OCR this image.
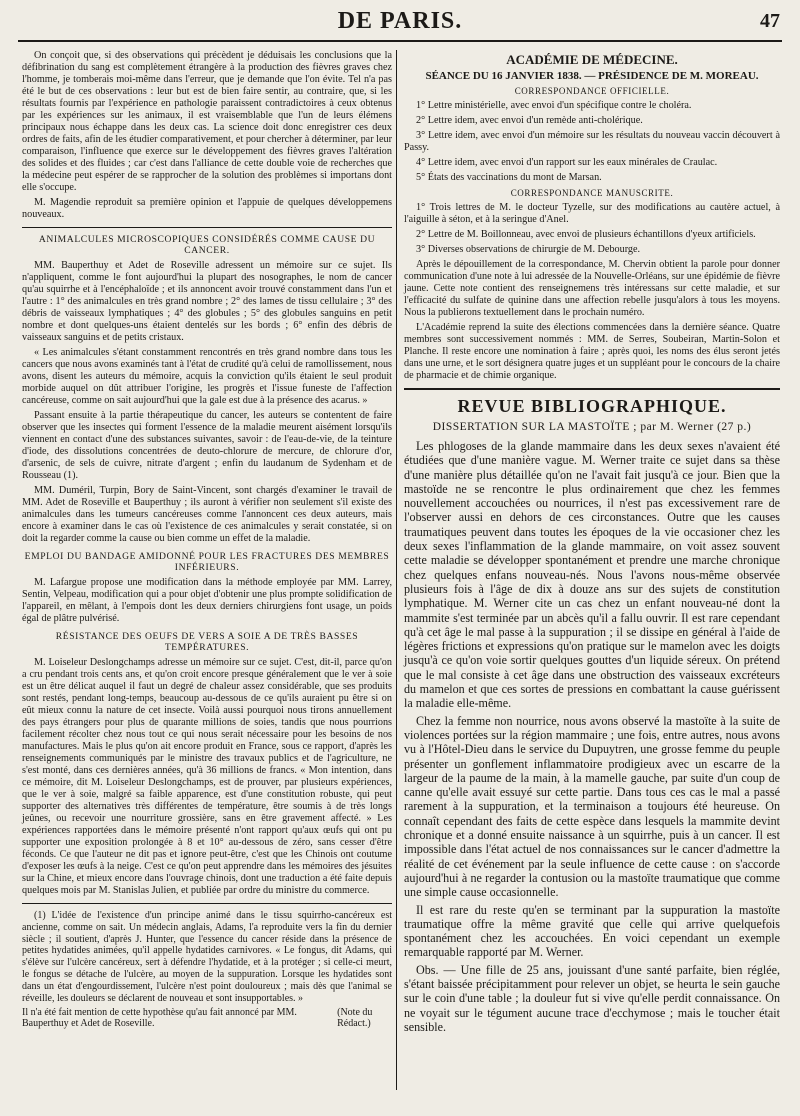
DE PARIS.	47

On conçoit que, si des observations qui précèdent je déduisais les conclusions que la défibrination du sang est complètement étrangère à la production des fièvres graves chez l'homme, je tomberais moi-même dans l'erreur, que je demande que l'on évite. Tel n'a pas été le but de ces observations : leur but est de bien faire sentir, au contraire, que, si les résultats fournis par l'expérience en pathologie paraissent contradictoires à ceux obtenus par les expériences sur les animaux, il est vraisemblable que l'un de leurs élémens principaux nous échappe dans les deux cas. La science doit donc enregistrer ces deux ordres de faits, afin de les étudier comparativement, et pour chercher à déterminer, par leur comparaison, l'influence que exerce sur le développement des fièvres graves l'altération des solides et des fluides ; car c'est dans l'alliance de cette double voie de recherches que la médecine peut espérer de se rapprocher de la solution des problèmes si importans dont elle s'occupe.

M. Magendie reproduit sa première opinion et l'appuie de quelques développemens nouveaux.

ANIMALCULES MICROSCOPIQUES CONSIDÉRÉS COMME CAUSE DU CANCER.

MM. Bauperthuy et Adet de Roseville adressent un mémoire sur ce sujet. Ils n'appliquent, comme le font aujourd'hui la plupart des nosographes, le nom de cancer qu'au squirrhe et à l'encéphaloïde ; et ils annoncent avoir trouvé constamment dans l'un et l'autre : 1° des animalcules en très grand nombre ; 2° des lames de tissu cellulaire ; 3° des débris de vaisseaux lymphatiques ; 4° des globules ; 5° des globules sanguins en petit nombre et dont quelques-uns étaient dentelés sur les bords ; 6° enfin des débris de vaisseaux sanguins et de petits cristaux.

« Les animalcules s'étant constamment rencontrés en très grand nombre dans tous les cancers que nous avons examinés tant à l'état de crudité qu'à celui de ramollissement, nous avons, disent les auteurs du mémoire, acquis la conviction qu'ils étaient le seul produit morbide auquel on dût attribuer l'origine, les progrès et l'issue funeste de l'affection cancéreuse, comme on sait aujourd'hui que la gale est due à la présence des acarus. »

Passant ensuite à la partie thérapeutique du cancer, les auteurs se contentent de faire observer que les insectes qui forment l'essence de la maladie meurent aisément lorsqu'ils viennent en contact d'une des substances suivantes, savoir : de l'eau-de-vie, de la teinture d'iode, des dissolutions concentrées de deuto-chlorure de mercure, de chlorure d'or, d'arsenic, de sels de cuivre, nitrate d'argent ; enfin du laudanum de Sydenham et de Rousseau (1).

MM. Duméril, Turpin, Bory de Saint-Vincent, sont chargés d'examiner le travail de MM. Adet de Roseville et Bauperthuy ; ils auront à vérifier non seulement s'il existe des animalcules dans les tumeurs cancéreuses comme l'annoncent ces deux auteurs, mais encore à examiner dans le cas où l'existence de ces animalcules y serait constatée, si on doit la regarder comme la cause ou bien comme un effet de la maladie.

EMPLOI DU BANDAGE AMIDONNÉ POUR LES FRACTURES DES MEMBRES INFÉRIEURS.

M. Lafargue propose une modification dans la méthode employée par MM. Larrey, Sentin, Velpeau, modification qui a pour objet d'obtenir une plus prompte solidification de l'appareil, en mêlant, à l'empois dont les deux derniers chirurgiens font usage, un poids égal de plâtre pulvérisé.

RÉSISTANCE DES OEUFS DE VERS A SOIE A DE TRÈS BASSES TEMPÉRATURES.

M. Loiseleur Deslongchamps adresse un mémoire sur ce sujet. C'est, dit-il, parce qu'on a cru pendant trois cents ans, et qu'on croit encore presque généralement que le ver à soie est un être délicat auquel il faut un degré de chaleur assez considérable, que ses produits sont restés, pendant long-temps, beaucoup au-dessous de ce qu'ils auraient pu être si on eût mieux connu la nature de cet insecte. Voilà aussi pourquoi nous tirons annuellement des pays étrangers pour plus de quarante millions de soies, tandis que nous pourrions facilement récolter chez nous tout ce qui nous serait nécessaire pour les besoins de nos manufactures. Mais le plus qu'on ait encore produit en France, sous ce rapport, d'après les renseignements communiqués par le ministre des travaux publics et de l'agriculture, ne s'est monté, dans ces dernières années, qu'à 36 millions de francs. « Mon intention, dans ce mémoire, dit M. Loiseleur Deslongchamps, est de prouver, par plusieurs expériences, que le ver à soie, malgré sa faible apparence, est d'une constitution robuste, qui peut supporter des alternatives très différentes de température, être soumis à de très longs jeûnes, ou recevoir une nourriture grossière, sans en être gravement affecté. » Les expériences rapportées dans le mémoire présenté n'ont rapport qu'aux œufs qui ont pu supporter une exposition prolongée à 8 et 10° au-dessous de zéro, sans cesser d'être féconds. Ce que l'auteur ne dit pas et ignore peut-être, c'est que les Chinois ont coutume d'exposer les œufs à la neige. C'est ce qu'on peut apprendre dans les mémoires des jésuites sur la Chine, et mieux encore dans l'ouvrage chinois, dont une traduction a été faite depuis quelques mois par M. Stanislas Julien, et publiée par ordre du ministre du commerce.

(1) L'idée de l'existence d'un principe animé dans le tissu squirrho-cancéreux est ancienne, comme on sait. Un médecin anglais, Adams, l'a reproduite vers la fin du dernier siècle ; il soutient, d'après J. Hunter, que l'essence du cancer réside dans la présence de petites hydatides animées, qu'il appelle hydatides carnivores. « Le fongus, dit Adams, qui s'élève sur l'ulcère cancéreux, sert à défendre l'hydatide, et à la protéger ; si celle-ci meurt, le fongus se détache de l'ulcère, au moyen de la suppuration. Lorsque les hydatides sont dans un état d'engourdissement, l'ulcère n'est point douloureux ; mais dès que l'animal se réveille, les douleurs se déclarent de nouveau et sont insupportables. »

Il n'a été fait mention de cette hypothèse qu'au fait annoncé par MM. Bauperthuy et Adet de Roseville.
(Note du Rédact.)
ACADÉMIE DE MÉDECINE.
SÉANCE DU 16 JANVIER 1838. — PRÉSIDENCE DE M. MOREAU.
CORRESPONDANCE OFFICIELLE.

1° Lettre ministérielle, avec envoi d'un spécifique contre le choléra.

2° Lettre idem, avec envoi d'un remède anti-cholérique.

3° Lettre idem, avec envoi d'un mémoire sur les résultats du nouveau vaccin découvert à Passy.

4° Lettre idem, avec envoi d'un rapport sur les eaux minérales de Craulac.

5° États des vaccinations du mont de Marsan.

CORRESPONDANCE MANUSCRITE.

1° Trois lettres de M. le docteur Tyzelle, sur des modifications au cautère actuel, à l'aiguille à séton, et à la seringue d'Anel.

2° Lettre de M. Boillonneau, avec envoi de plusieurs échantillons d'yeux artificiels.

3° Diverses observations de chirurgie de M. Debourge.

Après le dépouillement de la correspondance, M. Chervin obtient la parole pour donner communication d'une note à lui adressée de la Nouvelle-Orléans, sur une épidémie de fièvre jaune. Cette note contient des renseignemens très intéressans sur cette maladie, et sur l'efficacité du sulfate de quinine dans une affection rebelle jusqu'alors à tous les moyens. Nous la publierons textuellement dans le prochain numéro.

L'Académie reprend la suite des élections commencées dans la dernière séance. Quatre membres sont successivement nommés : MM. de Serres, Soubeiran, Martin-Solon et Planche. Il reste encore une nomination à faire ; après quoi, les noms des élus seront jetés dans une urne, et le sort désignera quatre juges et un suppléant pour le concours de la chaire de pharmacie et de chimie organique.

REVUE BIBLIOGRAPHIQUE.
DISSERTATION SUR LA MASTOÏTE ; par M. Werner (27 p.)

Les phlogoses de la glande mammaire dans les deux sexes n'avaient été étudiées que d'une manière vague. M. Werner traite ce sujet dans sa thèse d'une manière plus détaillée qu'on ne l'avait fait jusqu'à ce jour. Bien que la mastoïde ne se rencontre le plus ordinairement que chez les femmes nouvellement accouchées ou nourrices, il n'est pas excessivement rare de l'observer aussi en dehors de ces circonstances. Outre que les causes traumatiques peuvent dans toutes les époques de la vie occasioner chez les deux sexes l'inflammation de la glande mammaire, on voit assez souvent cette maladie se développer spontanément et prendre une marche chronique chez quelques enfans nouveau-nés. Nous l'avons nous-même observée plusieurs fois à l'âge de dix à douze ans sur des sujets de constitution lymphatique. M. Werner cite un cas chez un enfant nouveau-né dont la mammite s'est terminée par un abcès qu'il a fallu ouvrir. Il est rare cependant qu'à cet âge le mal passe à la suppuration ; il se dissipe en général à l'aide de légères frictions et expressions qu'on pratique sur le mamelon avec les doigts jusqu'à ce qu'on voie sortir quelques gouttes d'un liquide séreux. On prétend que le mal consiste à cet âge dans une obstruction des vaisseaux excréteurs du mamelon et que ces sortes de pressions en combattant la cause guérissent la maladie elle-même.

Chez la femme non nourrice, nous avons observé la mastoïte à la suite de violences portées sur la région mammaire ; une fois, entre autres, nous avons vu à l'Hôtel-Dieu dans le service du Dupuytren, une grosse femme du peuple présenter un gonflement inflammatoire prodigieux avec un escarre de la largeur de la paume de la main, à la mamelle gauche, par suite d'un coup de canne qu'elle avait essuyé sur cette partie. Dans tous ces cas le mal a passé rarement à la suppuration, et la terminaison a toujours été heureuse. On connaît cependant des faits de cette espèce dans lesquels la mammite devint chronique et a donné ensuite naissance à un squirrhe, puis à un cancer. Il est impossible dans l'état actuel de nos connaissances sur le cancer d'admettre la réalité de cet événement par la seule influence de cette cause : on s'accorde aujourd'hui à ne regarder la contusion ou la mastoïte traumatique que comme une simple cause occasionnelle.

Il est rare du reste qu'en se terminant par la suppuration la mastoïte traumatique offre la même gravité que celle qui arrive quelquefois spontanément chez les accouchées. En voici cependant un exemple remarquable rapporté par M. Werner.

Obs. — Une fille de 25 ans, jouissant d'une santé parfaite, bien réglée, s'étant baissée précipitamment pour relever un objet, se heurta le sein gauche sur le coin d'une table ; la douleur fut si vive qu'elle perdit connaissance. On ne voyait sur le tégument aucune trace d'ecchymose ; mais le toucher était sensible.
